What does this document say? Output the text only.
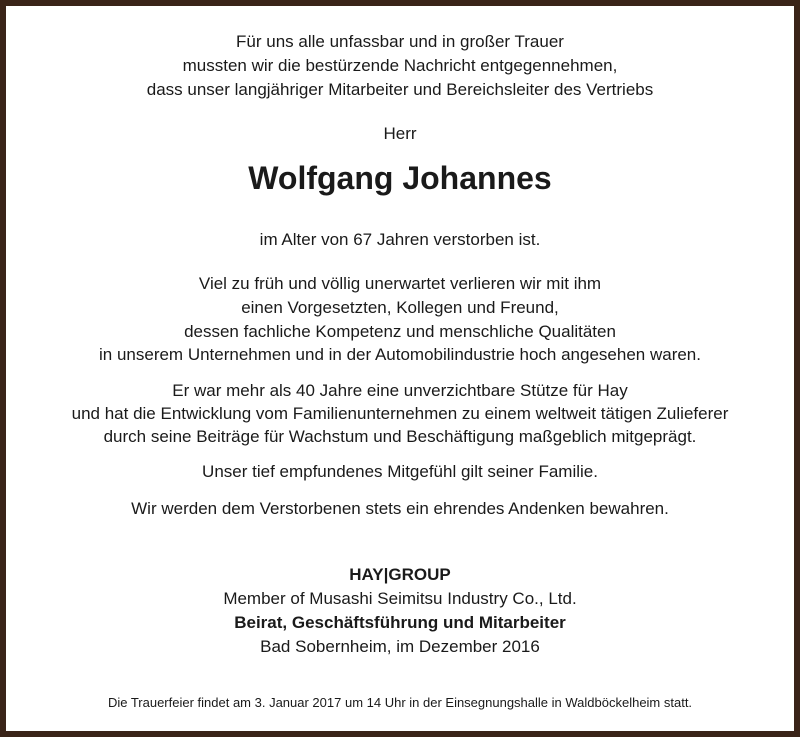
Für uns alle unfassbar und in großer Trauer
mussten wir die bestürzende Nachricht entgegennehmen,
dass unser langjähriger Mitarbeiter und Bereichsleiter des Vertriebs
Herr
Wolfgang Johannes
im Alter von 67 Jahren verstorben ist.
Viel zu früh und völlig unerwartet verlieren wir mit ihm
einen Vorgesetzten, Kollegen und Freund,
dessen fachliche Kompetenz und menschliche Qualitäten
in unserem Unternehmen und in der Automobilindustrie hoch angesehen waren.
Er war mehr als 40 Jahre eine unverzichtbare Stütze für Hay
und hat die Entwicklung vom Familienunternehmen zu einem weltweit tätigen Zulieferer
durch seine Beiträge für Wachstum und Beschäftigung maßgeblich mitgeprägt.
Unser tief empfundenes Mitgefühl gilt seiner Familie.
Wir werden dem Verstorbenen stets ein ehrendes Andenken bewahren.
HAY|GROUP
Member of Musashi Seimitsu Industry Co., Ltd.
Beirat, Geschäftsführung und Mitarbeiter
Bad Sobernheim, im Dezember 2016
Die Trauerfeier findet am 3. Januar 2017 um 14 Uhr in der Einsegnungshalle in Waldböckelheim statt.
